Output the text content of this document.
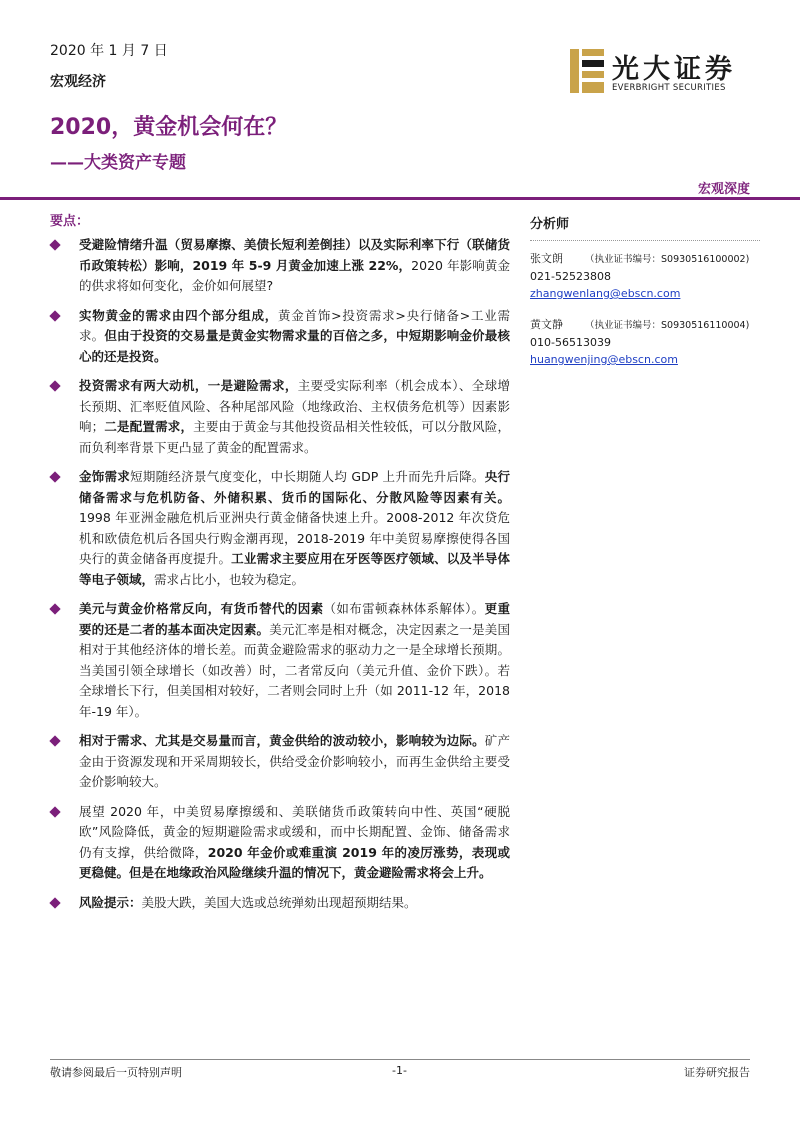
2020 年 1 月 7 日
宏观经济
2020，黄金机会何在？
——大类资产专题
光大证券
EVERBRIGHT SECURITIES
宏观深度
要点：
受避险情绪升温（贸易摩擦、美债长短利差倒挂）以及实际利率下行（联储货币政策转松）影响，2019 年 5-9 月黄金加速上涨 22%，2020 年影响黄金的供求将如何变化，金价如何展望?
实物黄金的需求由四个部分组成，黄金首饰>投资需求>央行储备>工业需求。但由于投资的交易量是黄金实物需求量的百倍之多，中短期影响金价最核心的还是投资。
投资需求有两大动机，一是避险需求，主要受实际利率（机会成本）、全球增长预期、汇率贬值风险、各种尾部风险（地缘政治、主权债务危机等）因素影响；二是配置需求，主要由于黄金与其他投资品相关性较低，可以分散风险，而负利率背景下更凸显了黄金的配置需求。
金饰需求短期随经济景气度变化，中长期随人均 GDP 上升而先升后降。央行储备需求与危机防备、外储积累、货币的国际化、分散风险等因素有关。1998 年亚洲金融危机后亚洲央行黄金储备快速上升。2008-2012 年次贷危机和欧债危机后各国央行购金潮再现，2018-2019 年中美贸易摩擦使得各国央行的黄金储备再度提升。工业需求主要应用在牙医等医疗领域、以及半导体等电子领域，需求占比小，也较为稳定。
美元与黄金价格常反向，有货币替代的因素（如布雷顿森林体系解体）。更重要的还是二者的基本面决定因素。美元汇率是相对概念，决定因素之一是美国相对于其他经济体的增长差。而黄金避险需求的驱动力之一是全球增长预期。当美国引领全球增长（如改善）时，二者常反向（美元升值、金价下跌）。若全球增长下行，但美国相对较好，二者则会同时上升（如 2011-12 年，2018 年-19 年）。
相对于需求、尤其是交易量而言，黄金供给的波动较小，影响较为边际。矿产金由于资源发现和开采周期较长，供给受金价影响较小，而再生金供给主要受金价影响较大。
展望 2020 年，中美贸易摩擦缓和、美联储货币政策转向中性、英国“硬脱欧”风险降低，黄金的短期避险需求或缓和，而中长期配置、金饰、储备需求仍有支撑，供给微降，2020 年金价或难重演 2019 年的凌厉涨势，表现或更稳健。但是在地缘政治风险继续升温的情况下，黄金避险需求将会上升。
风险提示：美股大跌，美国大选或总统弹劾出现超预期结果。
分析师
张文朗 （执业证书编号：S0930516100002)
021-52523808
zhangwenlang@ebscn.com
黄文静 （执业证书编号：S0930516110004)
010-56513039
huangwenjing@ebscn.com
敬请参阅最后一页特别声明	-1-	证券研究报告
